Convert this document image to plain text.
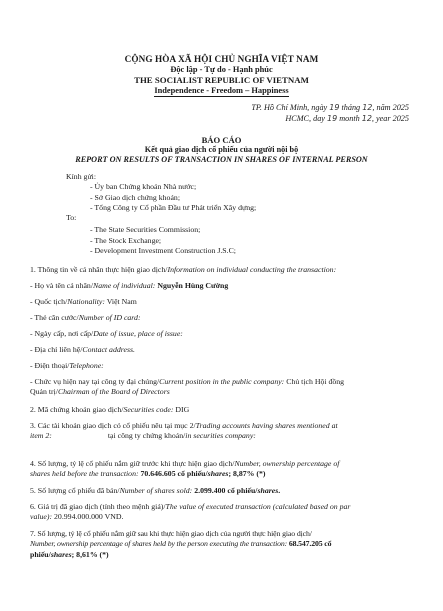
CỘNG HÒA XÃ HỘI CHỦ NGHĨA VIỆT NAM
Độc lập - Tự do - Hạnh phúc
THE SOCIALIST REPUBLIC OF VIETNAM
Independence - Freedom – Happiness
TP. Hồ Chí Minh, ngày 19 tháng 12, năm 2025
HCMC, day 19 month 12, year 2025
BÁO CÁO
Kết quả giao dịch cổ phiếu của người nội bộ
REPORT ON RESULTS OF TRANSACTION IN SHARES OF INTERNAL PERSON
Kính gửi:
- Ủy ban Chứng khoán Nhà nước;
- Sở Giao dịch chứng khoán;
- Tổng Công ty Cổ phần Đầu tư Phát triển Xây dựng;
To:
- The State Securities Commission;
- The Stock Exchange;
- Development Investment Construction J.S.C;
1. Thông tin về cá nhân thực hiện giao dịch/Information on individual conducting the transaction:
- Họ và tên cá nhân/Name of individual: Nguyễn Hùng Cường
- Quốc tịch/Nationality: Việt Nam
- Thẻ căn cước/Number of ID card:
- Ngày cấp, nơi cấp/Date of issue, place of issue:
- Địa chỉ liên hệ/Contact address.
- Điện thoại/Telephone:
- Chức vụ hiện nay tại công ty đại chúng/Current position in the public company: Chủ tịch Hội đồng
Quản trị/Chairman of the Board of Directors
2. Mã chứng khoán giao dịch/Securities code: DIG
3. Các tài khoản giao dịch có cổ phiếu nêu tại mục 2/Trading accounts having shares mentioned at
item 2:	tại công ty chứng khoán/in securities company:
4. Số lượng, tỷ lệ cổ phiếu nắm giữ trước khi thực hiện giao dịch/Number, ownership percentage of
shares held before the transaction: 70.646.605 cổ phiếu/shares; 8,87% (*)
5. Số lượng cổ phiếu đã bán/Number of shares sold: 2.099.400 cổ phiếu/shares.
6. Giá trị đã giao dịch (tính theo mệnh giá)/The value of executed transaction (calculated based on par
value): 20.994.000.000 VND.
7. Số lượng, tỷ lệ cổ phiếu nắm giữ sau khi thực hiện giao dịch của người thực hiện giao dịch/
Number, ownership percentage of shares held by the person executing the transaction: 68.547.205 cổ
phiếu/shares; 8,61% (*)
